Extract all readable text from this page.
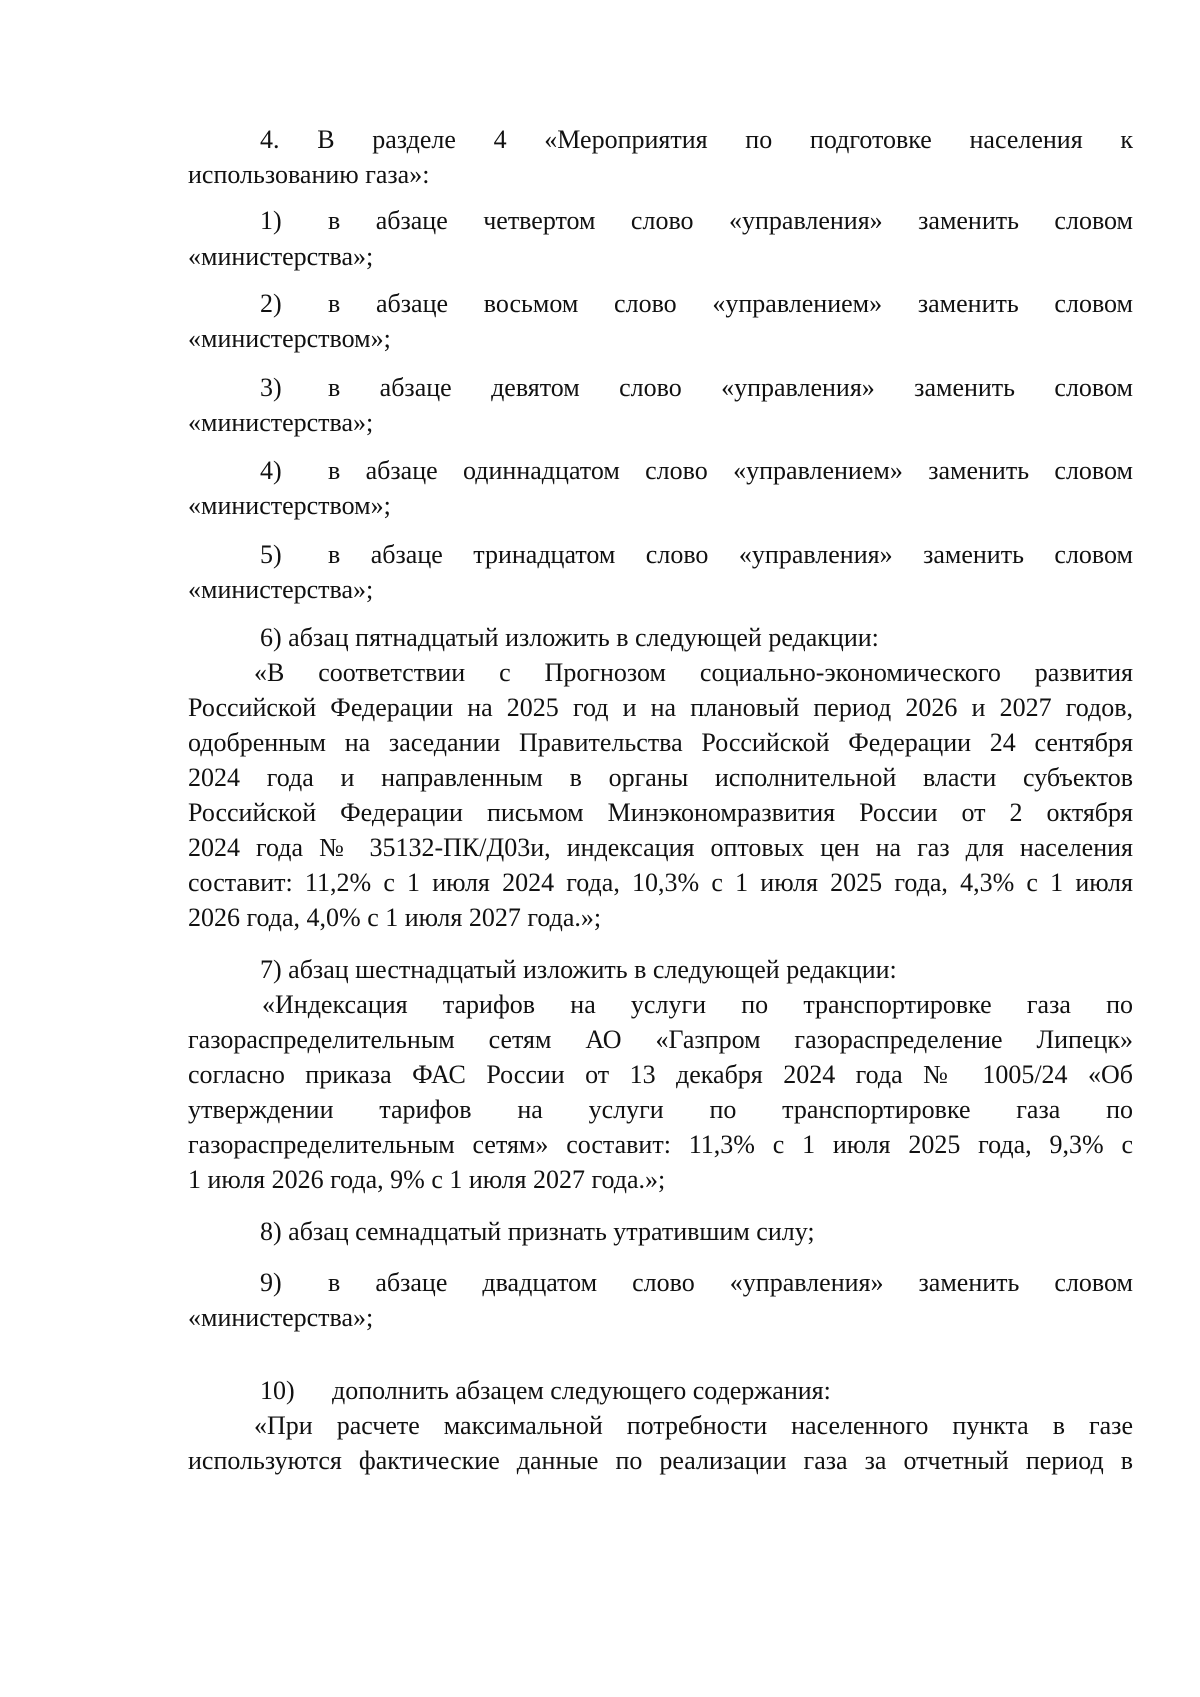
4. В разделе 4 «Мероприятия по подготовке населения к
использованию газа»:
1) в абзаце четвертом слово «управления» заменить словом
«министерства»;
2) в абзаце восьмом слово «управлением» заменить словом
«министерством»;
3) в абзаце девятом слово «управления» заменить словом
«министерства»;
4) в абзаце одиннадцатом слово «управлением» заменить словом
«министерством»;
5) в абзаце тринадцатом слово «управления» заменить словом
«министерства»;
6) абзац пятнадцатый изложить в следующей редакции:
«В соответствии с Прогнозом социально-экономического развития
Российской Федерации на 2025 год и на плановый период 2026 и 2027 годов,
одобренным на заседании Правительства Российской Федерации 24 сентября
2024 года и направленным в органы исполнительной власти субъектов
Российской Федерации письмом Минэкономразвития России от 2 октября
2024 года № 35132-ПК/Д03и, индексация оптовых цен на газ для населения
составит: 11,2% с 1 июля 2024 года, 10,3% с 1 июля 2025 года, 4,3% с 1 июля
2026 года, 4,0% с 1 июля 2027 года.»;
7) абзац шестнадцатый изложить в следующей редакции:
«Индексация тарифов на услуги по транспортировке газа по
газораспределительным сетям АО «Газпром газораспределение Липецк»
согласно приказа ФАС России от 13 декабря 2024 года № 1005/24 «Об
утверждении тарифов на услуги по транспортировке газа по
газораспределительным сетям» составит: 11,3% с 1 июля 2025 года, 9,3% с
1 июля 2026 года, 9% с 1 июля 2027 года.»;
8) абзац семнадцатый признать утратившим силу;
9) в абзаце двадцатом слово «управления» заменить словом
«министерства»;
10) дополнить абзацем следующего содержания:
«При расчете максимальной потребности населенного пункта в газе
используются фактические данные по реализации газа за отчетный период в
